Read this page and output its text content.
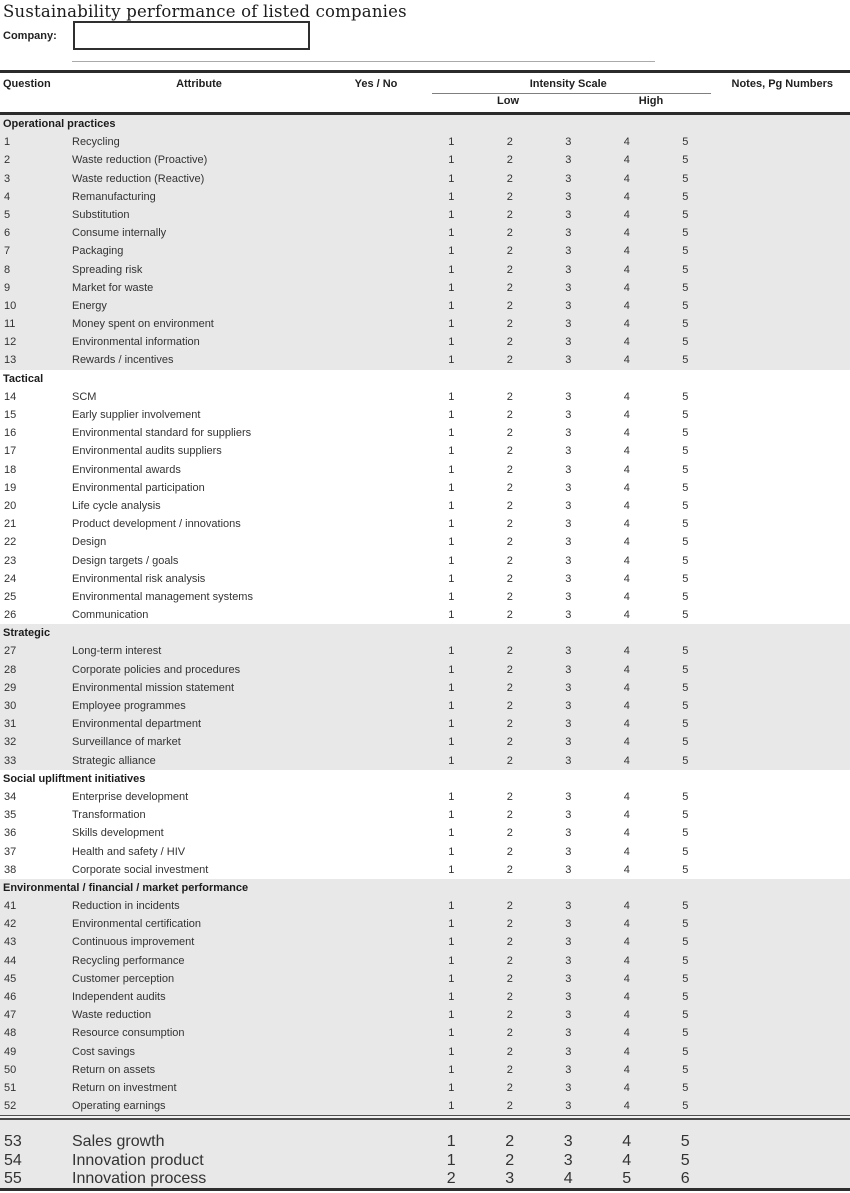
Sustainability performance of listed companies
Company:
Question	Attribute	Yes / No	Intensity Scale	Notes, Pg Numbers
Low	High
Operational practices
1	Recycling	1	2	3	4	5
2	Waste reduction (Proactive)	1	2	3	4	5
3	Waste reduction (Reactive)	1	2	3	4	5
4	Remanufacturing	1	2	3	4	5
5	Substitution	1	2	3	4	5
6	Consume internally	1	2	3	4	5
7	Packaging	1	2	3	4	5
8	Spreading risk	1	2	3	4	5
9	Market for waste	1	2	3	4	5
10	Energy	1	2	3	4	5
11	Money spent on environment	1	2	3	4	5
12	Environmental information	1	2	3	4	5
13	Rewards / incentives	1	2	3	4	5
Tactical
14	SCM	1	2	3	4	5
15	Early supplier involvement	1	2	3	4	5
16	Environmental standard for suppliers	1	2	3	4	5
17	Environmental audits suppliers	1	2	3	4	5
18	Environmental awards	1	2	3	4	5
19	Environmental participation	1	2	3	4	5
20	Life cycle analysis	1	2	3	4	5
21	Product development / innovations	1	2	3	4	5
22	Design	1	2	3	4	5
23	Design targets / goals	1	2	3	4	5
24	Environmental risk analysis	1	2	3	4	5
25	Environmental management systems	1	2	3	4	5
26	Communication	1	2	3	4	5
Strategic
27	Long-term interest	1	2	3	4	5
28	Corporate policies and procedures	1	2	3	4	5
29	Environmental mission statement	1	2	3	4	5
30	Employee programmes	1	2	3	4	5
31	Environmental department	1	2	3	4	5
32	Surveillance of market	1	2	3	4	5
33	Strategic alliance	1	2	3	4	5
Social upliftment initiatives
34	Enterprise development	1	2	3	4	5
35	Transformation	1	2	3	4	5
36	Skills development	1	2	3	4	5
37	Health and safety / HIV	1	2	3	4	5
38	Corporate social investment	1	2	3	4	5
Environmental / financial / market performance
41	Reduction in incidents	1	2	3	4	5
42	Environmental certification	1	2	3	4	5
43	Continuous improvement	1	2	3	4	5
44	Recycling performance	1	2	3	4	5
45	Customer perception	1	2	3	4	5
46	Independent audits	1	2	3	4	5
47	Waste reduction	1	2	3	4	5
48	Resource consumption	1	2	3	4	5
49	Cost savings	1	2	3	4	5
50	Return on assets	1	2	3	4	5
51	Return on investment	1	2	3	4	5
52	Operating earnings	1	2	3	4	5
53	Sales growth	1	2	3	4	5
54	Innovation product	1	2	3	4	5
55	Innovation process	2	3	4	5	6
